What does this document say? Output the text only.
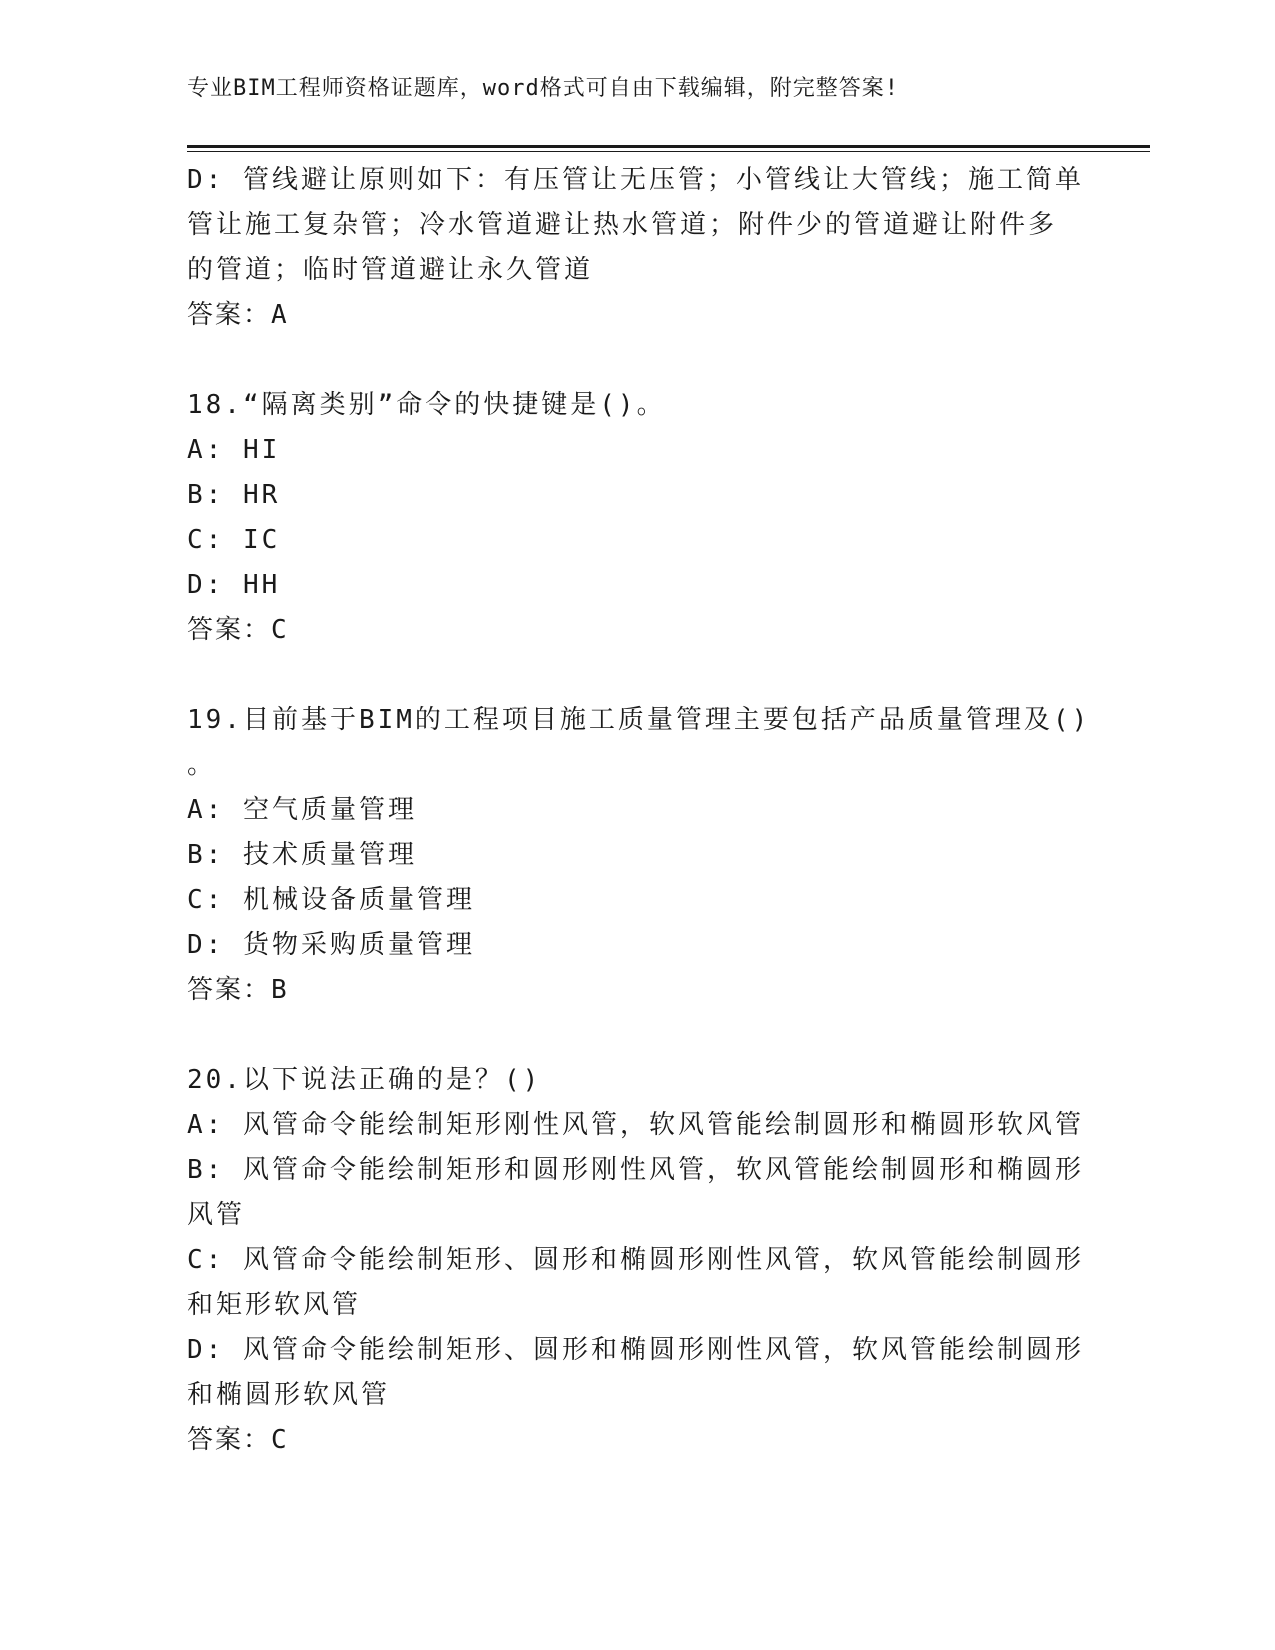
专业BIM工程师资格证题库，word格式可自由下载编辑，附完整答案!
D: 管线避让原则如下：有压管让无压管；小管线让大管线；施工简单
管让施工复杂管；冷水管道避让热水管道；附件少的管道避让附件多
的管道；临时管道避让永久管道
答案：A
18.“隔离类别”命令的快捷键是()。
A: HI
B: HR
C: IC
D: HH
答案：C
19.目前基于BIM的工程项目施工质量管理主要包括产品质量管理及()
。
A: 空气质量管理
B: 技术质量管理
C: 机械设备质量管理
D: 货物采购质量管理
答案：B
20.以下说法正确的是？()
A: 风管命令能绘制矩形刚性风管，软风管能绘制圆形和椭圆形软风管
B: 风管命令能绘制矩形和圆形刚性风管，软风管能绘制圆形和椭圆形
风管
C: 风管命令能绘制矩形、圆形和椭圆形刚性风管，软风管能绘制圆形
和矩形软风管
D: 风管命令能绘制矩形、圆形和椭圆形刚性风管，软风管能绘制圆形
和椭圆形软风管
答案：C
